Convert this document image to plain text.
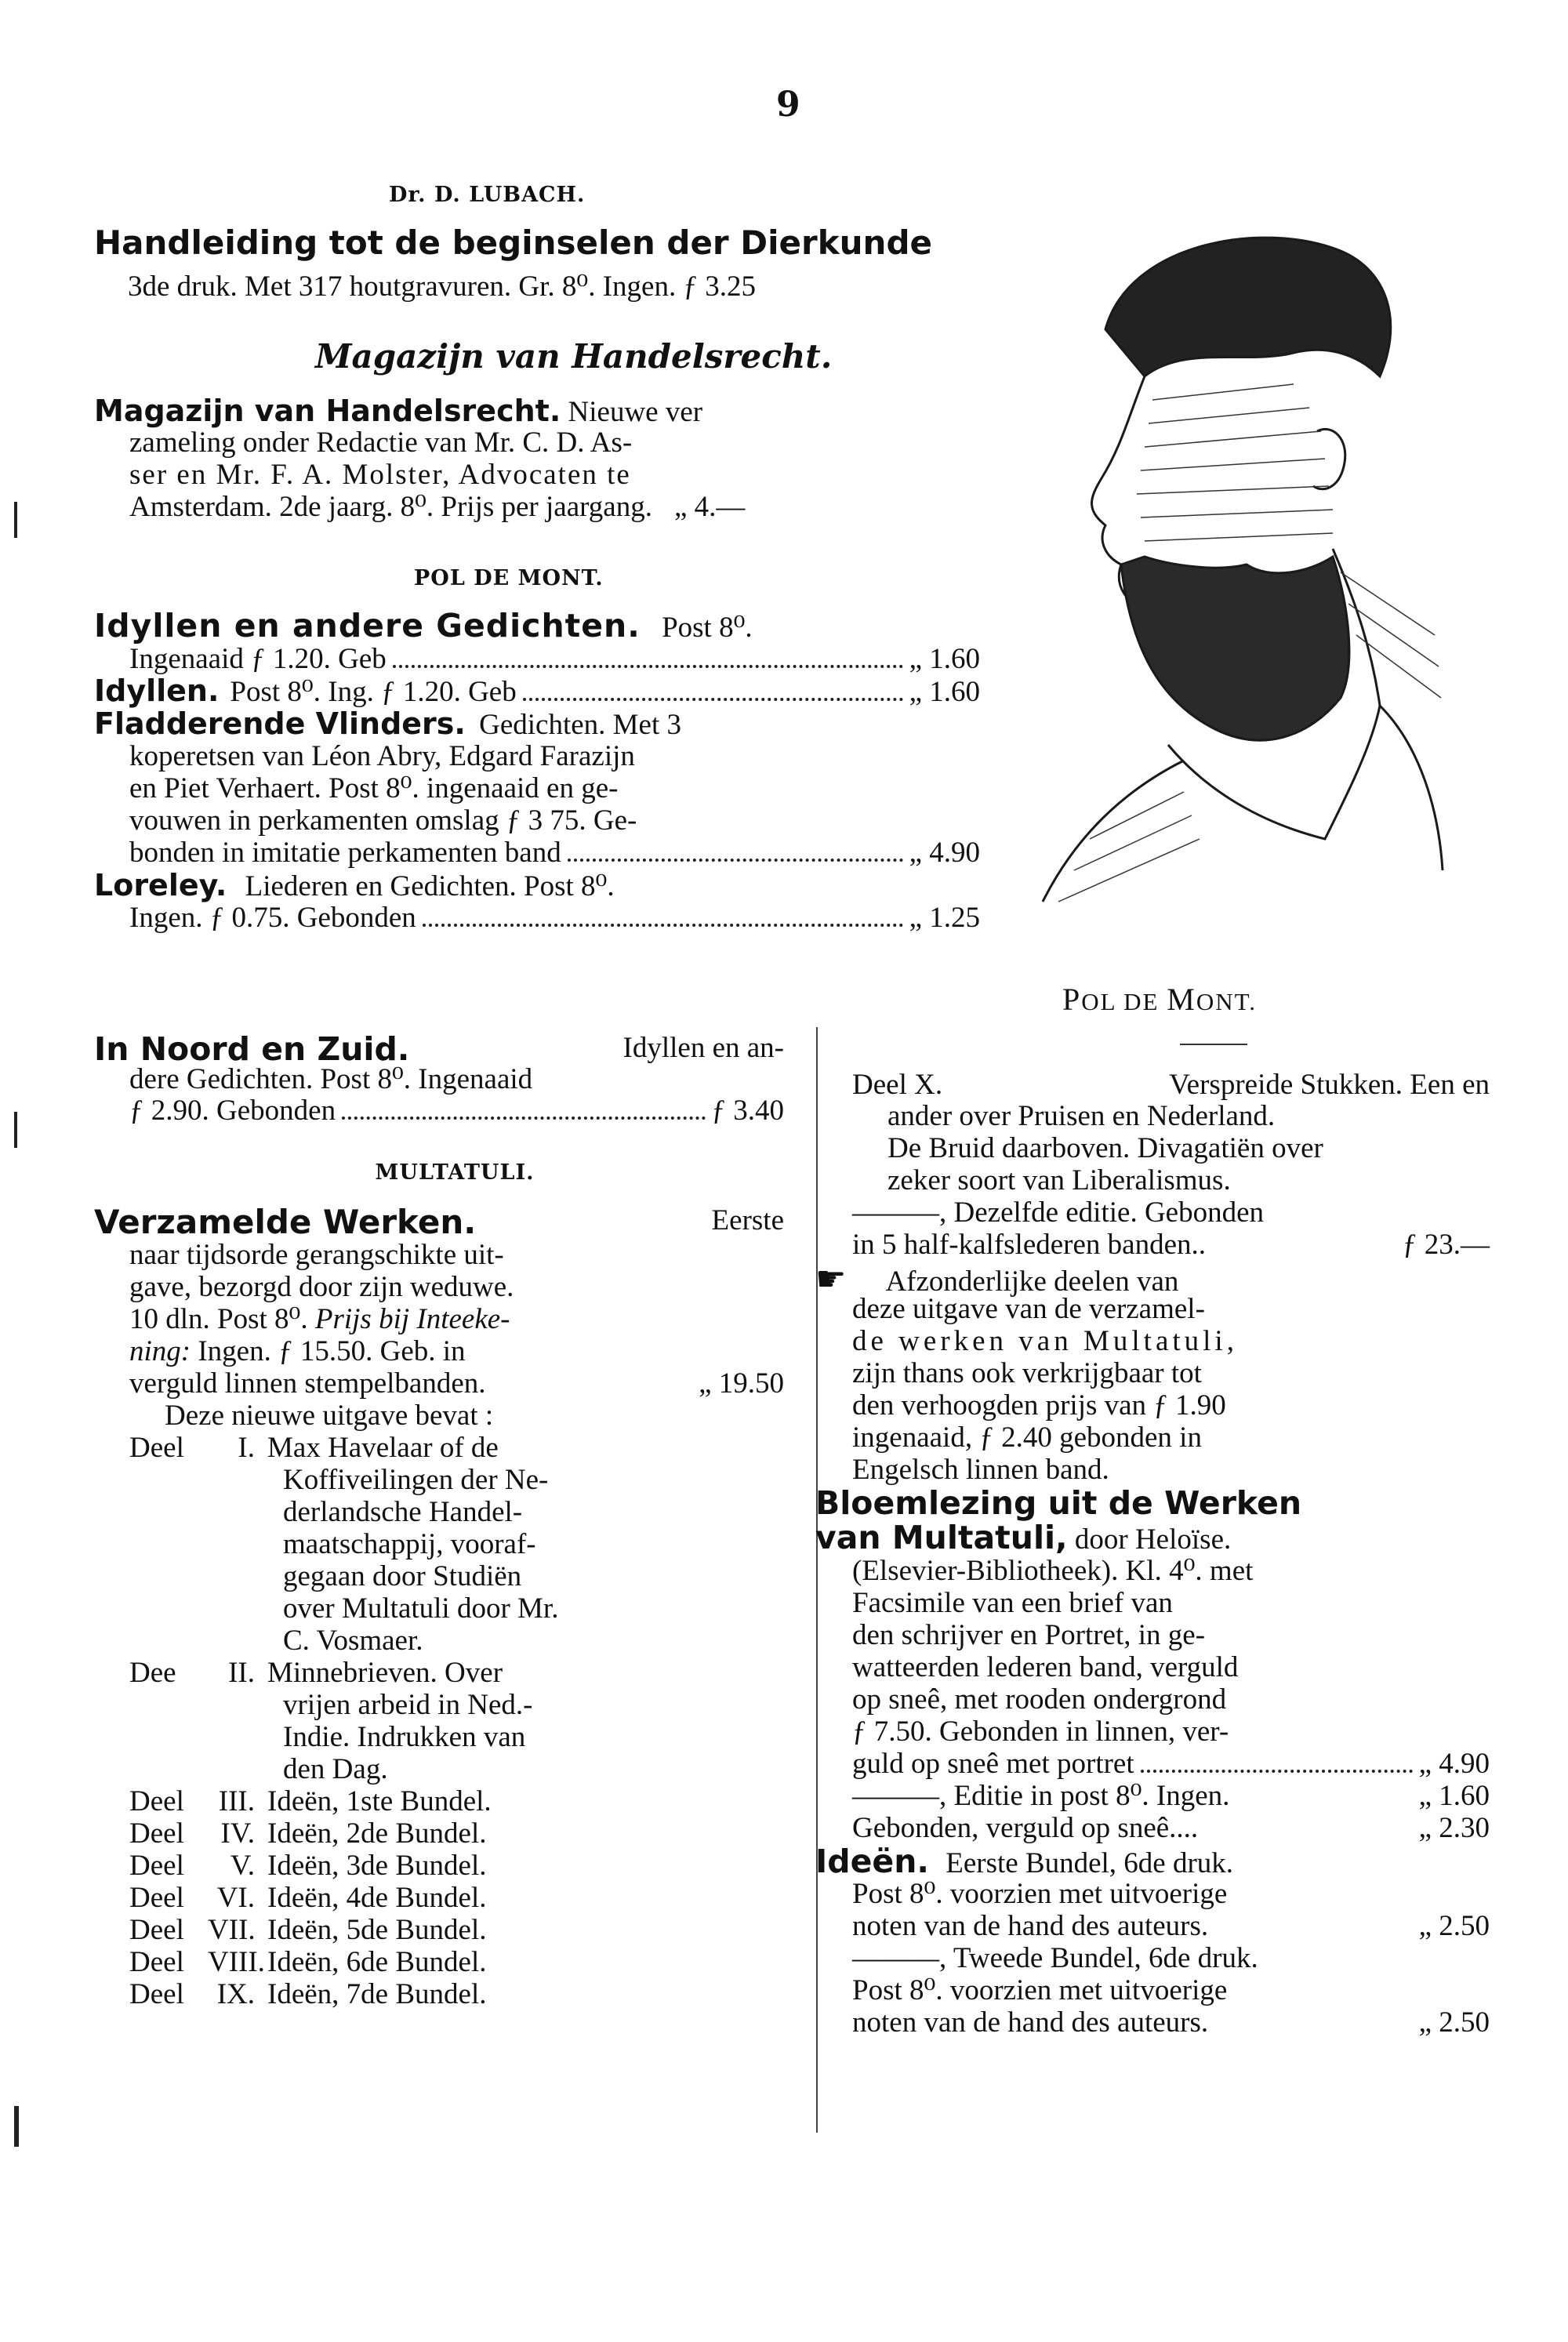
9
Dr. D. LUBACH.
Handleiding tot de beginselen der Dierkunde
3de druk. Met 317 houtgravuren. Gr. 8⁰. Ingen. ƒ 3.25
Magazijn van Handelsrecht.
Magazijn van Handelsrecht. Nieuwe ver
zameling onder Redactie van Mr. C. D. As-
ser en Mr. F. A. Molster, Advocaten te
Amsterdam. 2de jaarg. 8⁰. Prijs per jaargang. „ 4.—
POL DE MONT.
Idyllen en andere Gedichten. Post 8⁰.
Ingenaaid ƒ 1.20. Geb	„ 1.60
Idyllen. Post 8⁰. Ing. ƒ 1.20. Geb	„ 1.60
Fladderende Vlinders. Gedichten. Met 3
koperetsen van Léon Abry, Edgard Farazijn
en Piet Verhaert. Post 8⁰. ingenaaid en ge-
vouwen in perkamenten omslag ƒ 3 75. Ge-
bonden in imitatie perkamenten band	„ 4.90
Loreley. Liederen en Gedichten. Post 8⁰.
Ingen. ƒ 0.75. Gebonden	„ 1.25
POL DE MONT.
In Noord en Zuid.	Idyllen en an-
dere Gedichten. Post 8⁰. Ingenaaid
ƒ 2.90. Gebonden	ƒ 3.40
MULTATULI.
Verzamelde Werken.	Eerste
naar tijdsorde gerangschikte uit-
gave, bezorgd door zijn weduwe.
10 dln. Post 8⁰. Prijs bij Inteeke-
ning: Ingen. ƒ 15.50. Geb. in
verguld linnen stempelbanden.	„ 19.50
Deze nieuwe uitgave bevat :
Deel	I. Max Havelaar of de
Koffiveilingen der Ne-
derlandsche Handel-
maatschappij, vooraf-
gegaan door Studiën
over Multatuli door Mr.
C. Vosmaer.
Dee	II. Minnebrieven. Over
vrijen arbeid in Ned.-
Indie. Indrukken van
den Dag.
Deel	III. Ideën, 1ste Bundel.
Deel	IV. Ideën, 2de Bundel.
Deel	V. Ideën, 3de Bundel.
Deel	VI. Ideën, 4de Bundel.
Deel VII. Ideën, 5de Bundel.
Deel VIII. Ideën, 6de Bundel.
Deel	IX. Ideën, 7de Bundel.
Deel X.	Verspreide Stukken. Een en
ander over Pruisen en Nederland.
De Bruid daarboven. Divagatiën over
zeker soort van Liberalismus.
———, Dezelfde editie. Gebonden
in 5 half-kalfslederen banden..	ƒ 23.—
☛ Afzonderlijke deelen van
deze uitgave van de verzamel-
de werken van Multatuli,
zijn thans ook verkrijgbaar tot
den verhoogden prijs van ƒ 1.90
ingenaaid, ƒ 2.40 gebonden in
Engelsch linnen band.
Bloemlezing uit de Werken
van Multatuli, door Heloïse.
(Elsevier-Bibliotheek). Kl. 4⁰. met
Facsimile van een brief van
den schrijver en Portret, in ge-
watteerden lederen band, verguld
op sneê, met rooden ondergrond
ƒ 7.50. Gebonden in linnen, ver-
guld op sneê met portret	„ 4.90
———, Editie in post 8⁰. Ingen.	„ 1.60
Gebonden, verguld op sneê....	„ 2.30
Ideën. Eerste Bundel, 6de druk.
Post 8⁰. voorzien met uitvoerige
noten van de hand des auteurs.	„ 2.50
———, Tweede Bundel, 6de druk.
Post 8⁰. voorzien met uitvoerige
noten van de hand des auteurs.	„ 2.50
